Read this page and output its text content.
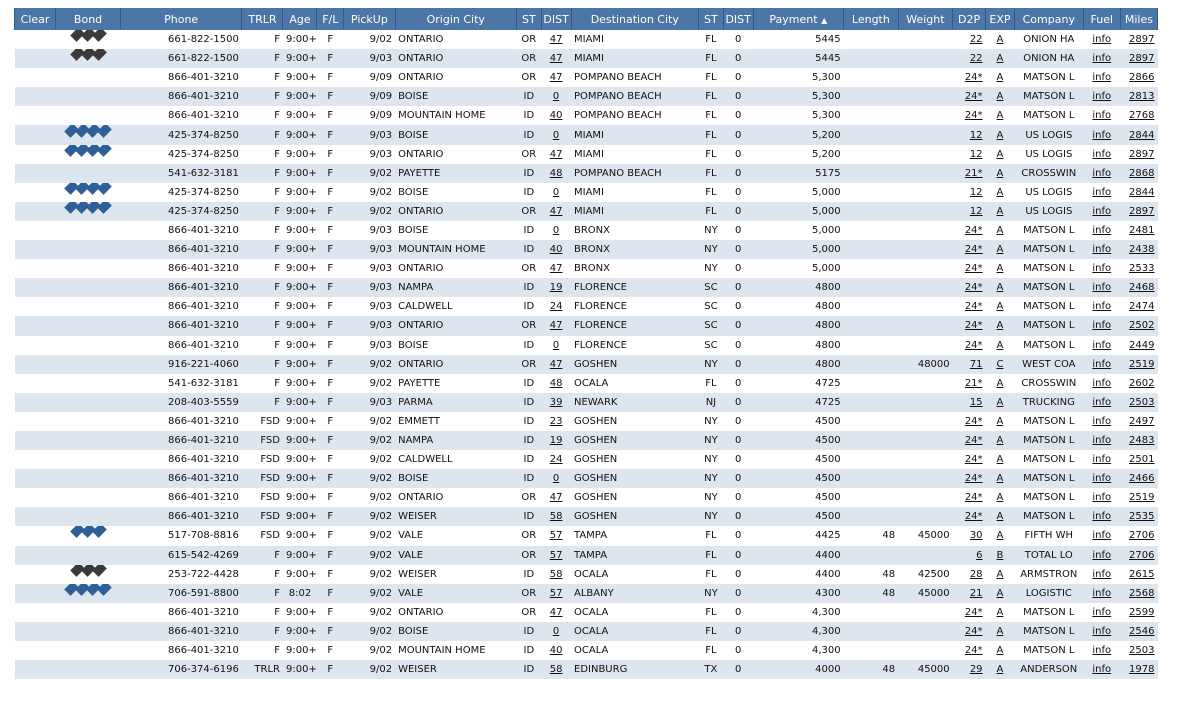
Clear	Bond	Phone	TRLR	Age	F/L	PickUp	Origin City	ST	DIST	Destination City	ST	DIST	Payment ▲	Length	Weight	D2P	EXP	Company	Fuel	Miles
		661-822-1500	F	9:00+	F	9/02	ONTARIO	OR	47	MIAMI	FL	0	5445			22	A	ONION HA	info	2897
		661-822-1500	F	9:00+	F	9/03	ONTARIO	OR	47	MIAMI	FL	0	5445			22	A	ONION HA	info	2897
		866-401-3210	F	9:00+	F	9/09	ONTARIO	OR	47	POMPANO BEACH	FL	0	5,300			24*	A	MATSON L	info	2866
		866-401-3210	F	9:00+	F	9/09	BOISE	ID	0	POMPANO BEACH	FL	0	5,300			24*	A	MATSON L	info	2813
		866-401-3210	F	9:00+	F	9/09	MOUNTAIN HOME	ID	40	POMPANO BEACH	FL	0	5,300			24*	A	MATSON L	info	2768
		425-374-8250	F	9:00+	F	9/03	BOISE	ID	0	MIAMI	FL	0	5,200			12	A	US LOGIS	info	2844
		425-374-8250	F	9:00+	F	9/03	ONTARIO	OR	47	MIAMI	FL	0	5,200			12	A	US LOGIS	info	2897
		541-632-3181	F	9:00+	F	9/02	PAYETTE	ID	48	POMPANO BEACH	FL	0	5175			21*	A	CROSSWIN	info	2868
		425-374-8250	F	9:00+	F	9/02	BOISE	ID	0	MIAMI	FL	0	5,000			12	A	US LOGIS	info	2844
		425-374-8250	F	9:00+	F	9/02	ONTARIO	OR	47	MIAMI	FL	0	5,000			12	A	US LOGIS	info	2897
		866-401-3210	F	9:00+	F	9/03	BOISE	ID	0	BRONX	NY	0	5,000			24*	A	MATSON L	info	2481
		866-401-3210	F	9:00+	F	9/03	MOUNTAIN HOME	ID	40	BRONX	NY	0	5,000			24*	A	MATSON L	info	2438
		866-401-3210	F	9:00+	F	9/03	ONTARIO	OR	47	BRONX	NY	0	5,000			24*	A	MATSON L	info	2533
		866-401-3210	F	9:00+	F	9/03	NAMPA	ID	19	FLORENCE	SC	0	4800			24*	A	MATSON L	info	2468
		866-401-3210	F	9:00+	F	9/03	CALDWELL	ID	24	FLORENCE	SC	0	4800			24*	A	MATSON L	info	2474
		866-401-3210	F	9:00+	F	9/03	ONTARIO	OR	47	FLORENCE	SC	0	4800			24*	A	MATSON L	info	2502
		866-401-3210	F	9:00+	F	9/03	BOISE	ID	0	FLORENCE	SC	0	4800			24*	A	MATSON L	info	2449
		916-221-4060	F	9:00+	F	9/02	ONTARIO	OR	47	GOSHEN	NY	0	4800		48000	71	C	WEST COA	info	2519
		541-632-3181	F	9:00+	F	9/02	PAYETTE	ID	48	OCALA	FL	0	4725			21*	A	CROSSWIN	info	2602
		208-403-5559	F	9:00+	F	9/03	PARMA	ID	39	NEWARK	NJ	0	4725			15	A	TRUCKING	info	2503
		866-401-3210	FSD	9:00+	F	9/02	EMMETT	ID	23	GOSHEN	NY	0	4500			24*	A	MATSON L	info	2497
		866-401-3210	FSD	9:00+	F	9/02	NAMPA	ID	19	GOSHEN	NY	0	4500			24*	A	MATSON L	info	2483
		866-401-3210	FSD	9:00+	F	9/02	CALDWELL	ID	24	GOSHEN	NY	0	4500			24*	A	MATSON L	info	2501
		866-401-3210	FSD	9:00+	F	9/02	BOISE	ID	0	GOSHEN	NY	0	4500			24*	A	MATSON L	info	2466
		866-401-3210	FSD	9:00+	F	9/02	ONTARIO	OR	47	GOSHEN	NY	0	4500			24*	A	MATSON L	info	2519
		866-401-3210	FSD	9:00+	F	9/02	WEISER	ID	58	GOSHEN	NY	0	4500			24*	A	MATSON L	info	2535
		517-708-8816	FSD	9:00+	F	9/02	VALE	OR	57	TAMPA	FL	0	4425	48	45000	30	A	FIFTH WH	info	2706
		615-542-4269	F	9:00+	F	9/02	VALE	OR	57	TAMPA	FL	0	4400			6	B	TOTAL LO	info	2706
		253-722-4428	F	9:00+	F	9/02	WEISER	ID	58	OCALA	FL	0	4400	48	42500	28	A	ARMSTRON	info	2615
		706-591-8800	F	8:02	F	9/02	VALE	OR	57	ALBANY	NY	0	4300	48	45000	21	A	LOGISTIC	info	2568
		866-401-3210	F	9:00+	F	9/02	ONTARIO	OR	47	OCALA	FL	0	4,300			24*	A	MATSON L	info	2599
		866-401-3210	F	9:00+	F	9/02	BOISE	ID	0	OCALA	FL	0	4,300			24*	A	MATSON L	info	2546
		866-401-3210	F	9:00+	F	9/02	MOUNTAIN HOME	ID	40	OCALA	FL	0	4,300			24*	A	MATSON L	info	2503
		706-374-6196	TRLR	9:00+	F	9/02	WEISER	ID	58	EDINBURG	TX	0	4000	48	45000	29	A	ANDERSON	info	1978
